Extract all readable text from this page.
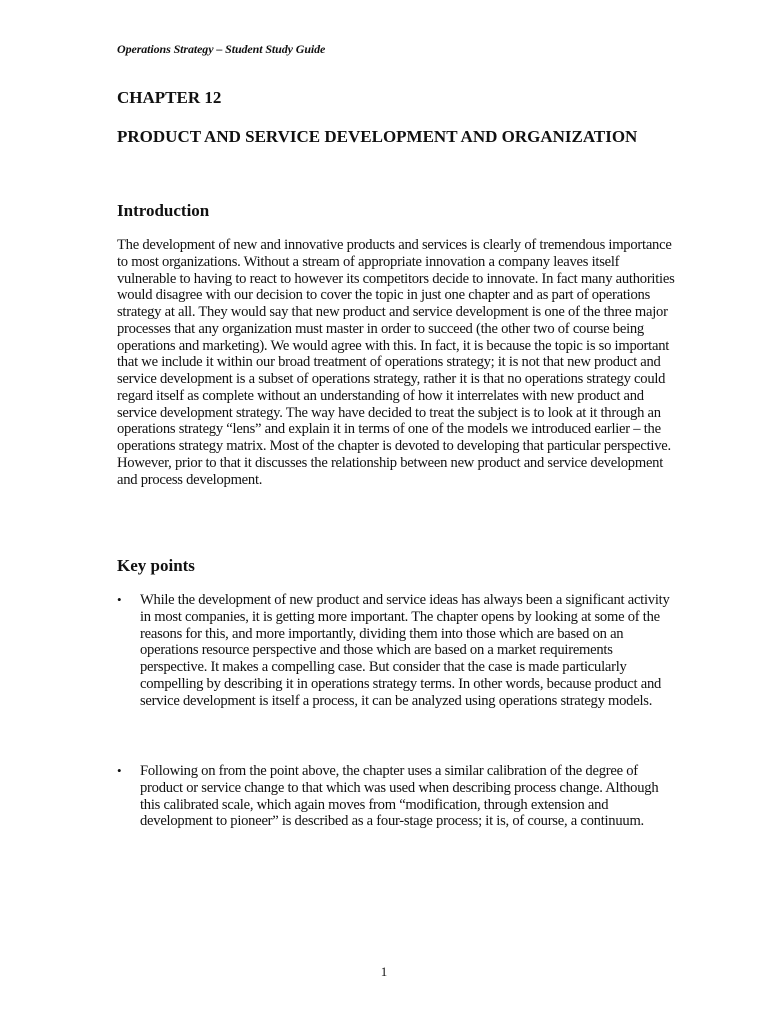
Operations Strategy – Student Study Guide
CHAPTER 12
PRODUCT AND SERVICE DEVELOPMENT AND ORGANIZATION
Introduction

The development of new and innovative products and services is clearly of tremendous importance to most organizations. Without a stream of appropriate innovation a company leaves itself vulnerable to having to react to however its competitors decide to innovate. In fact many authorities would disagree with our decision to cover the topic in just one chapter and as part of operations strategy at all. They would say that new product and service development is one of the three major processes that any organization must master in order to succeed (the other two of course being operations and marketing). We would agree with this. In fact, it is because the topic is so important that we include it within our broad treatment of operations strategy; it is not that new product and service development is a subset of operations strategy, rather it is that no operations strategy could regard itself as complete without an understanding of how it interrelates with new product and service development strategy. The way have decided to treat the subject is to look at it through an operations strategy “lens” and explain it in terms of one of the models we introduced earlier – the operations strategy matrix. Most of the chapter is devoted to developing that particular perspective. However, prior to that it discusses the relationship between new product and service development and process development.

Key points
• While the development of new product and service ideas has always been a significant activity in most companies, it is getting more important. The chapter opens by looking at some of the reasons for this, and more importantly, dividing them into those which are based on an operations resource perspective and those which are based on a market requirements perspective. It makes a compelling case. But consider that the case is made particularly compelling by describing it in operations strategy terms. In other words, because product and service development is itself a process, it can be analyzed using operations strategy models.
• Following on from the point above, the chapter uses a similar calibration of the degree of product or service change to that which was used when describing process change. Although this calibrated scale, which again moves from “modification, through extension and development to pioneer” is described as a four-stage process; it is, of course, a continuum.
1
